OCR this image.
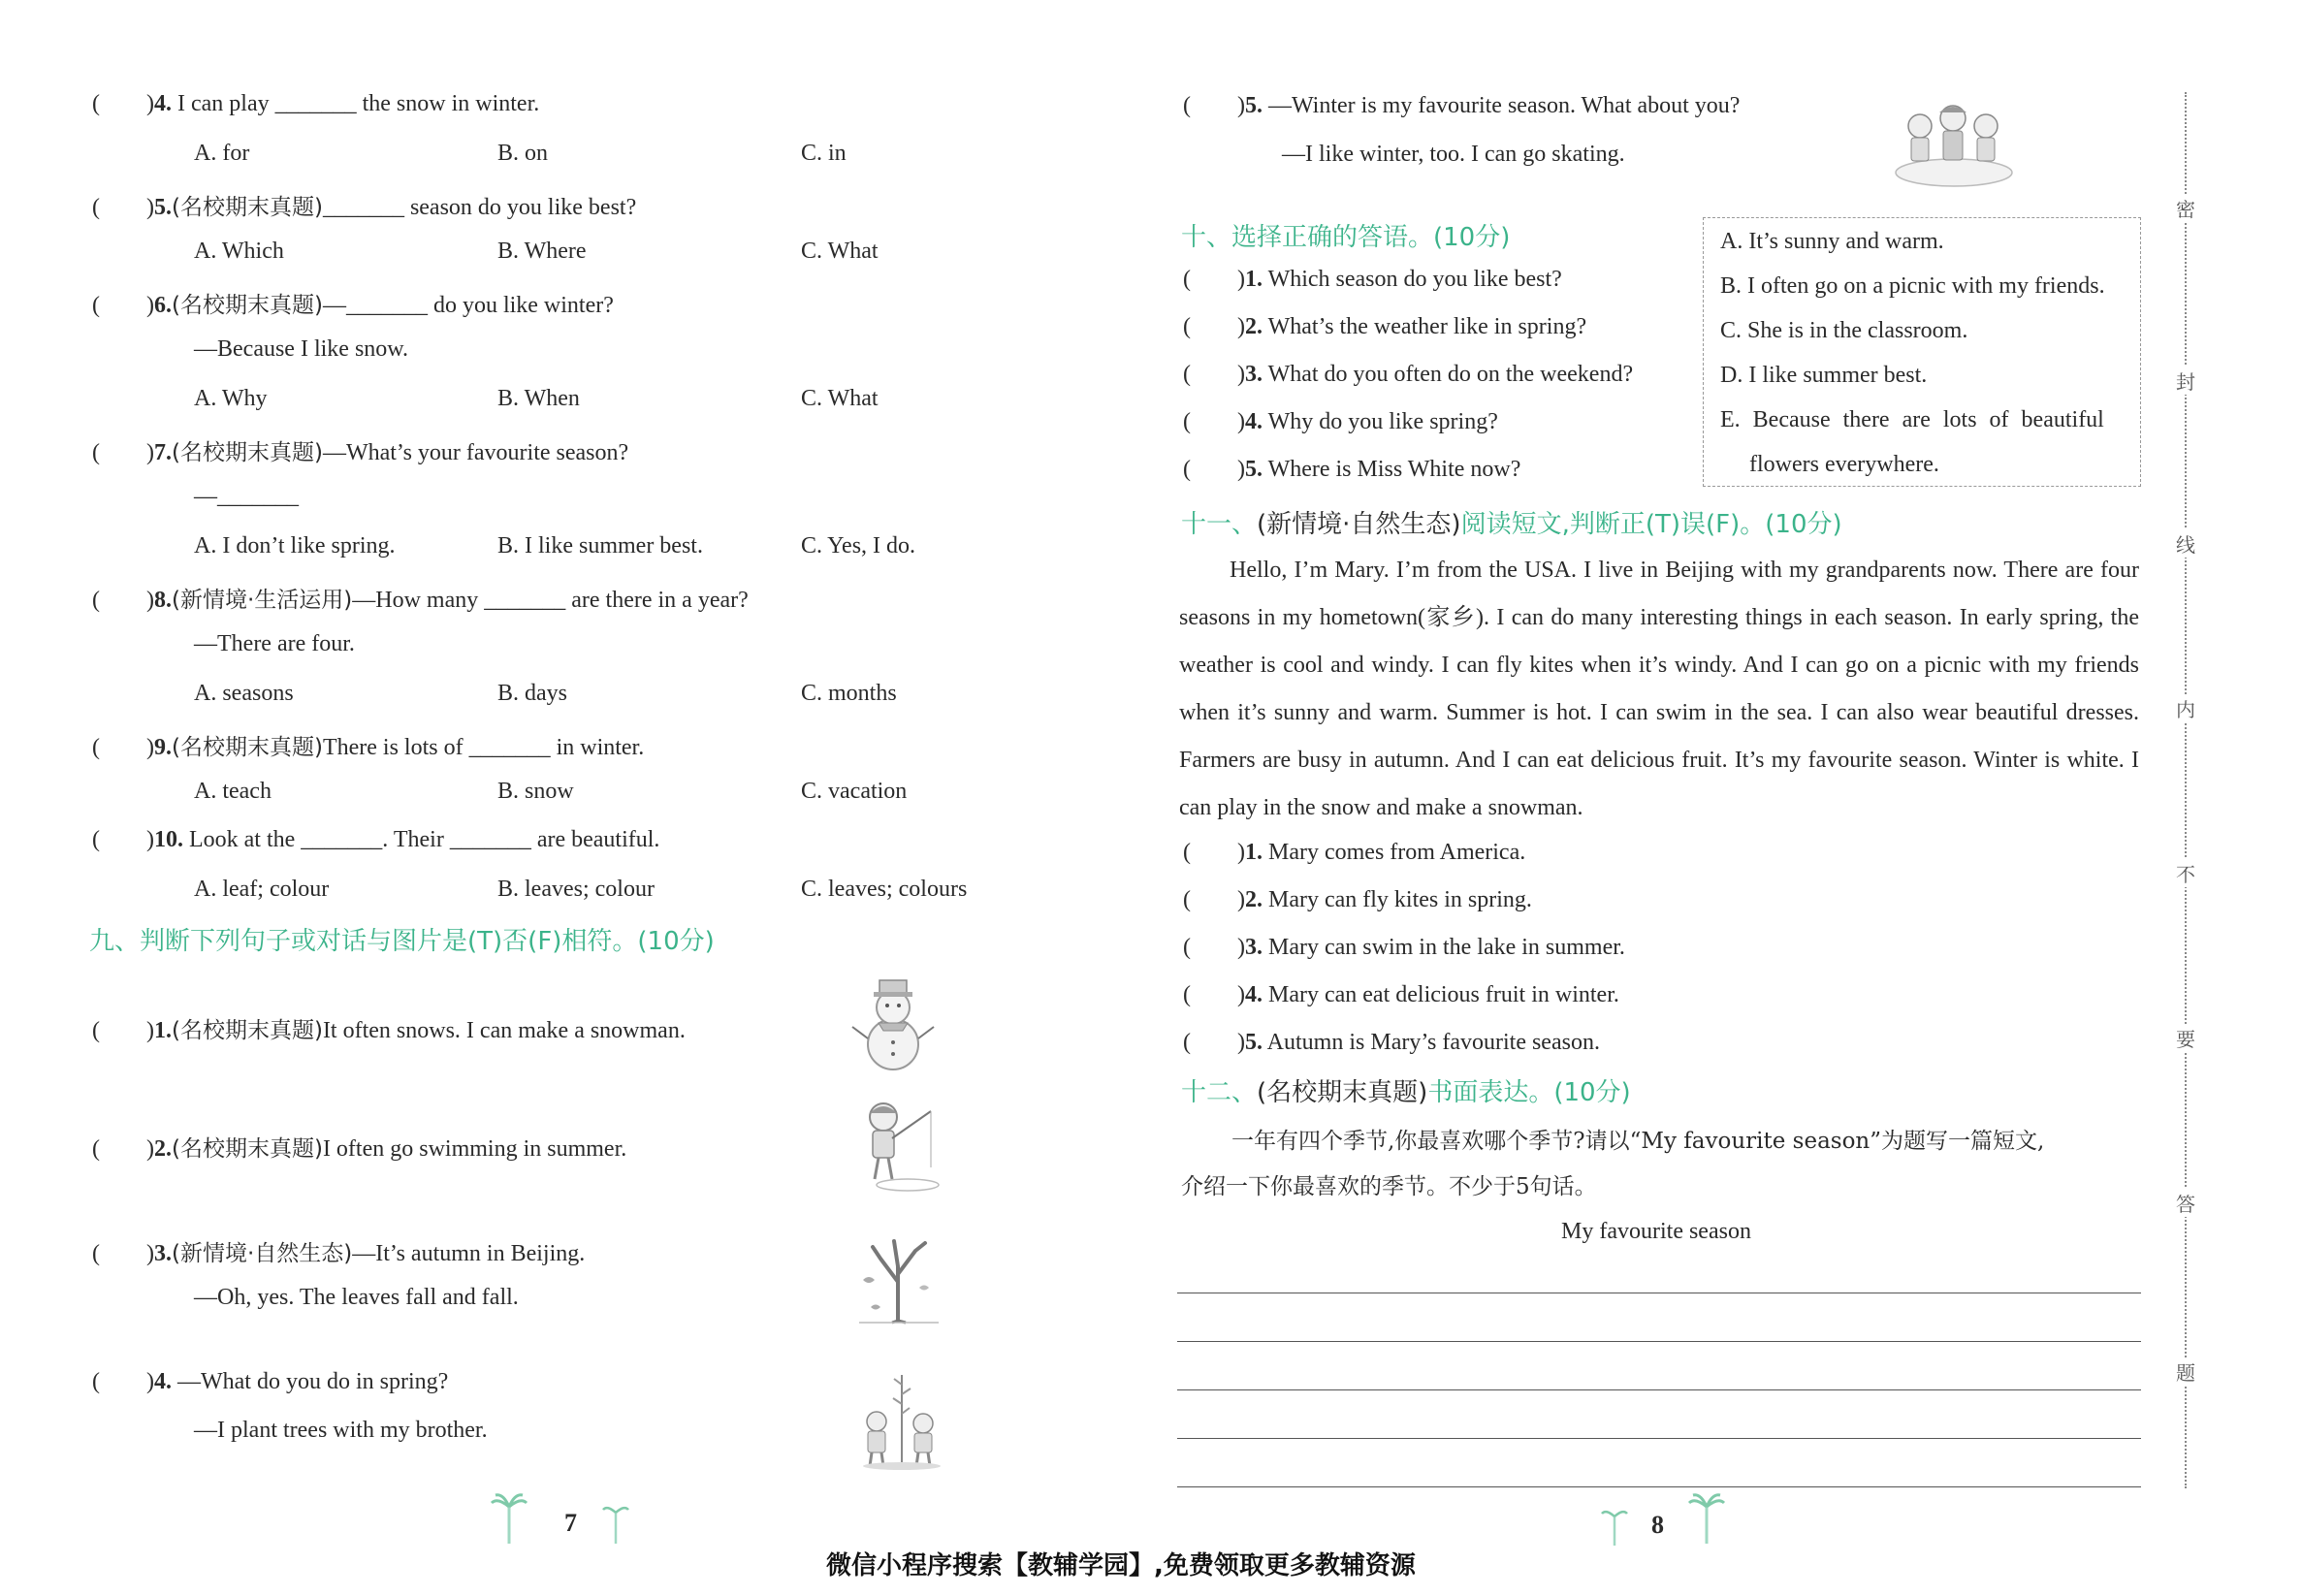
(        )4. I can play _______ the snow in winter.
A. for	B. on	C. in
(        )5.(名校期末真题)_______ season do you like best?
A. Which	B. Where	C. What
(        )6.(名校期末真题)—_______ do you like winter?
—Because I like snow.
A. Why	B. When	C. What
(        )7.(名校期末真题)—What’s your favourite season?
—_______
A. I don’t like spring.	B. I like summer best.	C. Yes, I do.
(        )8.(新情境·生活运用)—How many _______ are there in a year?
—There are four.
A. seasons	B. days	C. months
(        )9.(名校期末真题)There is lots of _______ in winter.
A. teach	B. snow	C. vacation
(        )10. Look at the _______. Their _______ are beautiful.
A. leaf; colour	B. leaves; colour	C. leaves; colours
九、判断下列句子或对话与图片是(T)否(F)相符。(10分)
(        )1.(名校期末真题)It often snows. I can make a snowman.
(        )2.(名校期末真题)I often go swimming in summer.
(        )3.(新情境·自然生态)—It’s autumn in Beijing.
—Oh, yes. The leaves fall and fall.
(        )4. —What do you do in spring?
—I plant trees with my brother.
7
(        )5. —Winter is my favourite season. What about you?
—I like winter, too. I can go skating.
十、选择正确的答语。(10分)
(        )1. Which season do you like best?
(        )2. What’s the weather like in spring?
(        )3. What do you often do on the weekend?
(        )4. Why do you like spring?
(        )5. Where is Miss White now?
A. It’s sunny and warm.
B. I often go on a picnic with my friends.
C. She is in the classroom.
D. I like summer best.
E. Because there are lots of beautiful
flowers everywhere.
十一、(新情境·自然生态)阅读短文,判断正(T)误(F)。(10分)
Hello, I’m Mary. I’m from the USA. I live in Beijing with my grandparents now. There are four seasons in my hometown(家乡). I can do many interesting things in each season. In early spring, the weather is cool and windy. I can fly kites when it’s windy. And I can go on a picnic with my friends when it’s sunny and warm. Summer is hot. I can swim in the sea. I can also wear beautiful dresses. Farmers are busy in autumn. And I can eat delicious fruit. It’s my favourite season. Winter is white. I can play in the snow and make a snowman.
(        )1. Mary comes from America.
(        )2. Mary can fly kites in spring.
(        )3. Mary can swim in the lake in summer.
(        )4. Mary can eat delicious fruit in winter.
(        )5. Autumn is Mary’s favourite season.
十二、(名校期末真题)书面表达。(10分)
一年有四个季节,你最喜欢哪个季节?请以“My favourite season”为题写一篇短文,
介绍一下你最喜欢的季节。不少于5句话。
My favourite season
8
密
封
线
内
不
要
答
题
微信小程序搜索【教辅学园】,免费领取更多教辅资源
